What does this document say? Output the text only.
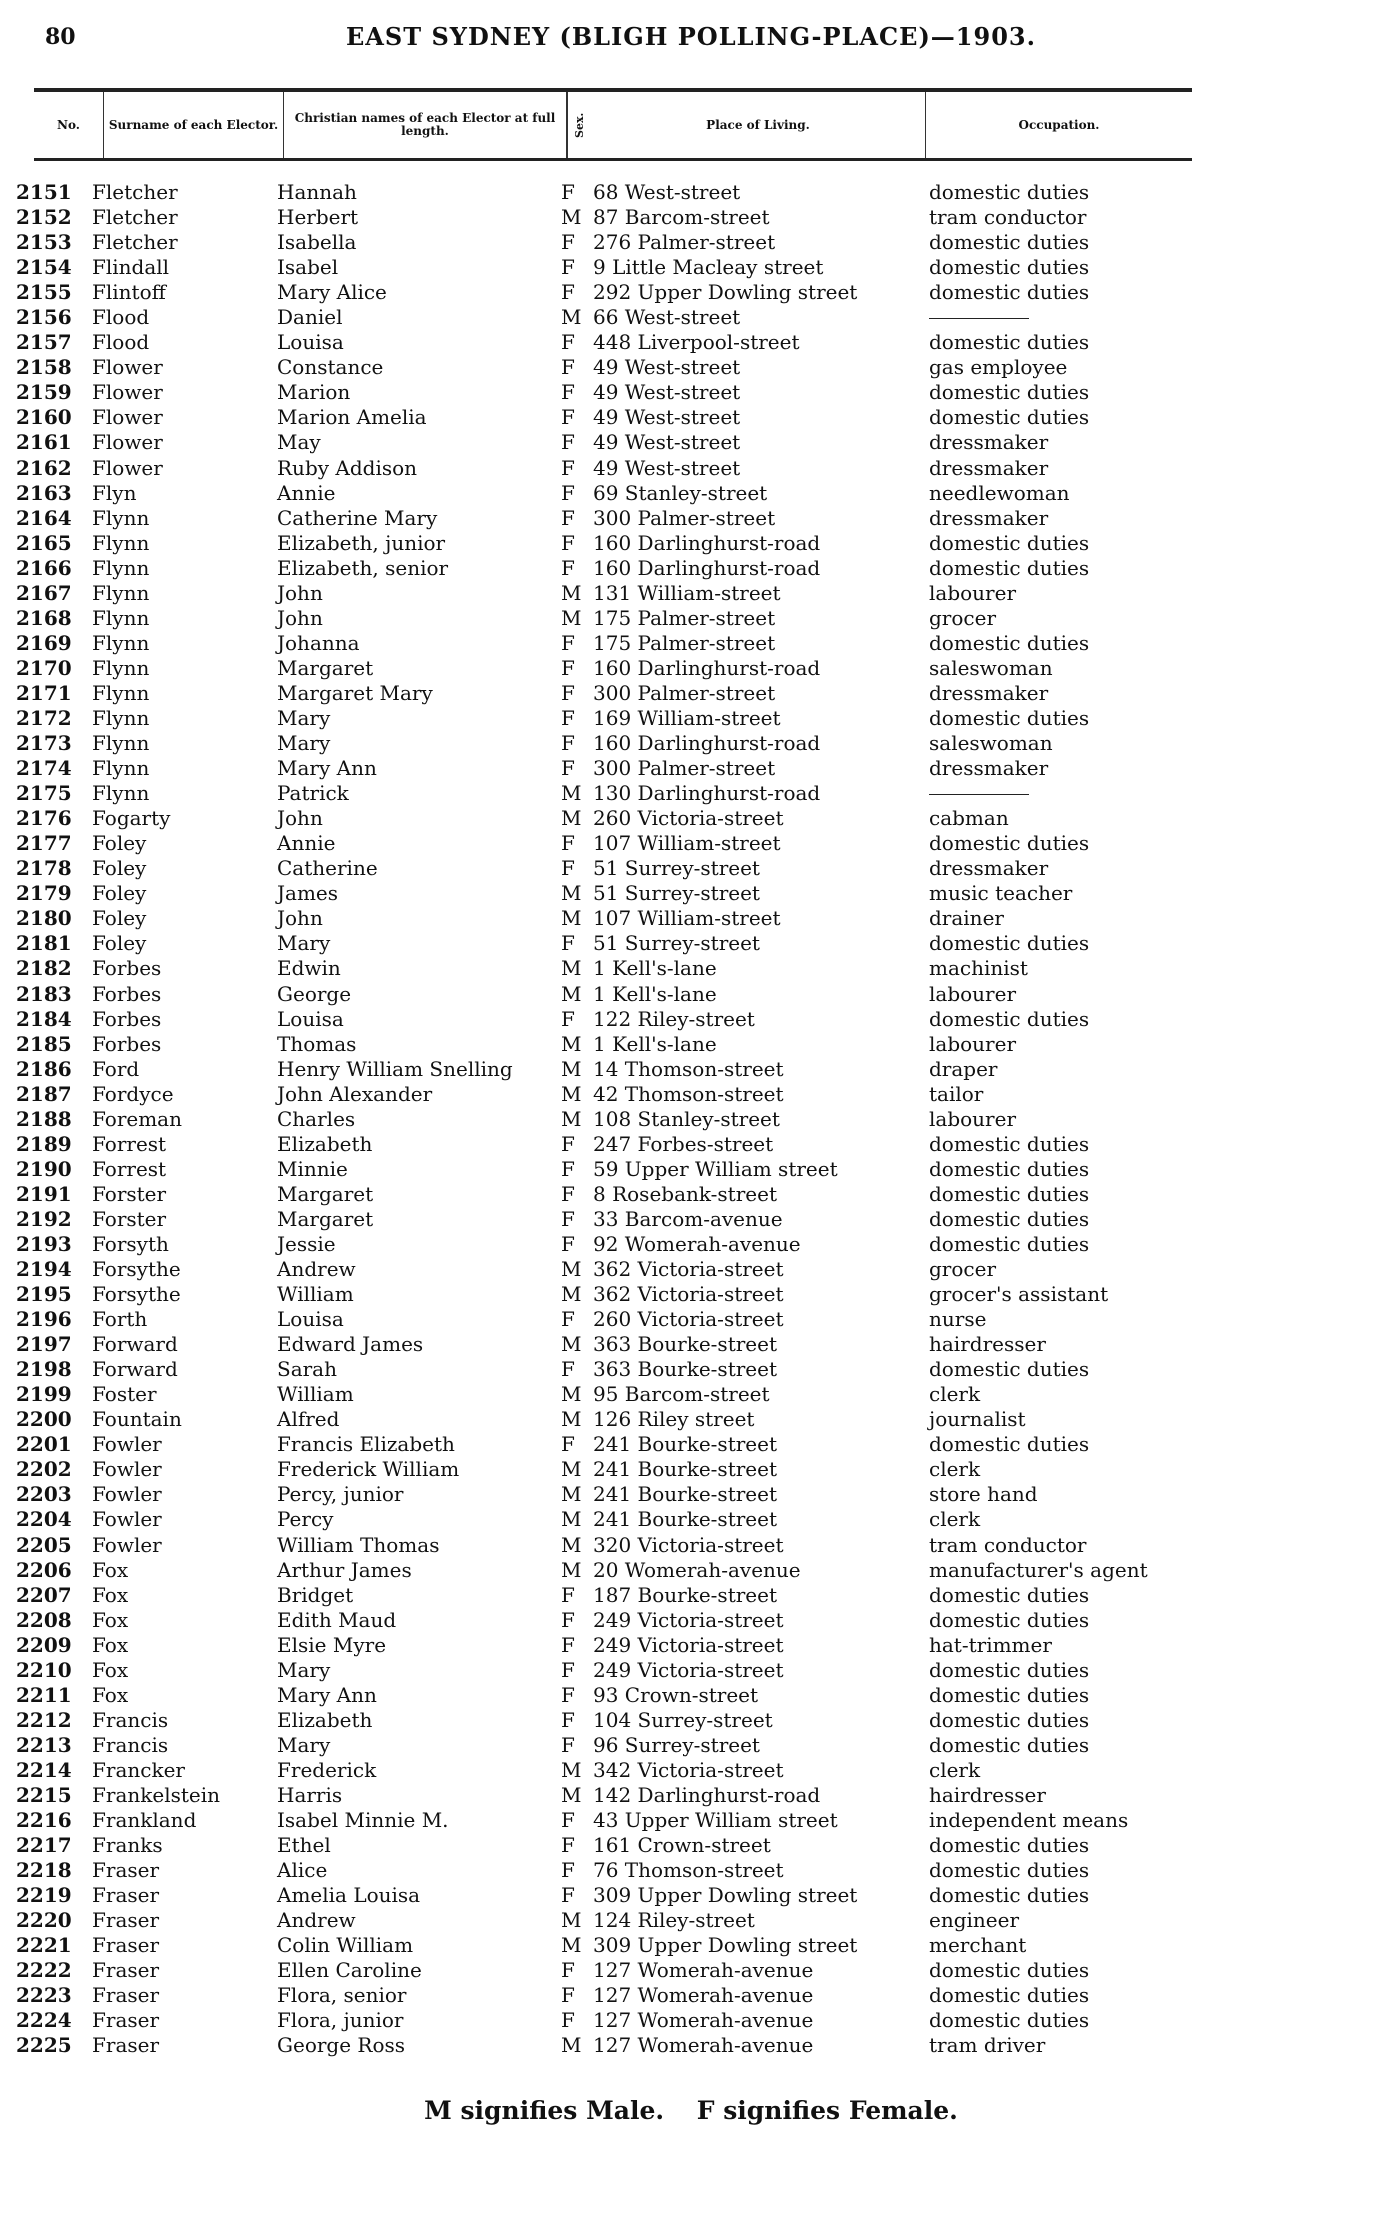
80	EAST SYDNEY (BLIGH POLLING-PLACE)—1903.
No.	Surname of each Elector.	Christian names of each Elector at full length.	Sex.	Place of Living.	Occupation.
2151 Fletcher	Hannah	F 68 West-street	domestic duties
2152 Fletcher	Herbert	M 87 Barcom-street	tram conductor
2153 Fletcher	Isabella	F 276 Palmer-street	domestic duties
2154 Flindall	Isabel	F 9 Little Macleay street	domestic duties
2155 Flintoff	Mary Alice	F 292 Upper Dowling street	domestic duties
2156 Flood	Daniel	M 66 West-street
2157 Flood	Louisa	F 448 Liverpool-street	domestic duties
2158 Flower	Constance	F 49 West-street	gas employee
2159 Flower	Marion	F 49 West-street	domestic duties
2160 Flower	Marion Amelia	F 49 West-street	domestic duties
2161 Flower	May	F 49 West-street	dressmaker
2162 Flower	Ruby Addison	F 49 West-street	dressmaker
2163 Flyn	Annie	F 69 Stanley-street	needlewoman
2164 Flynn	Catherine Mary	F 300 Palmer-street	dressmaker
2165 Flynn	Elizabeth, junior	F 160 Darlinghurst-road	domestic duties
2166 Flynn	Elizabeth, senior	F 160 Darlinghurst-road	domestic duties
2167 Flynn	John	M 131 William-street	labourer
2168 Flynn	John	M 175 Palmer-street	grocer
2169 Flynn	Johanna	F 175 Palmer-street	domestic duties
2170 Flynn	Margaret	F 160 Darlinghurst-road	saleswoman
2171 Flynn	Margaret Mary	F 300 Palmer-street	dressmaker
2172 Flynn	Mary	F 169 William-street	domestic duties
2173 Flynn	Mary	F 160 Darlinghurst-road	saleswoman
2174 Flynn	Mary Ann	F 300 Palmer-street	dressmaker
2175 Flynn	Patrick	M 130 Darlinghurst-road
2176 Fogarty	John	M 260 Victoria-street	cabman
2177 Foley	Annie	F 107 William-street	domestic duties
2178 Foley	Catherine	F 51 Surrey-street	dressmaker
2179 Foley	James	M 51 Surrey-street	music teacher
2180 Foley	John	M 107 William-street	drainer
2181 Foley	Mary	F 51 Surrey-street	domestic duties
2182 Forbes	Edwin	M 1 Kell's-lane	machinist
2183 Forbes	George	M 1 Kell's-lane	labourer
2184 Forbes	Louisa	F 122 Riley-street	domestic duties
2185 Forbes	Thomas	M 1 Kell's-lane	labourer
2186 Ford	Henry William Snelling M 14 Thomson-street	draper
2187 Fordyce	John Alexander	M 42 Thomson-street	tailor
2188 Foreman	Charles	M 108 Stanley-street	labourer
2189 Forrest	Elizabeth	F 247 Forbes-street	domestic duties
2190 Forrest	Minnie	F 59 Upper William street	domestic duties
2191 Forster	Margaret	F 8 Rosebank-street	domestic duties
2192 Forster	Margaret	F 33 Barcom-avenue	domestic duties
2193 Forsyth	Jessie	F 92 Womerah-avenue	domestic duties
2194 Forsythe	Andrew	M 362 Victoria-street	grocer
2195 Forsythe	William	M 362 Victoria-street	grocer's assistant
2196 Forth	Louisa	F 260 Victoria-street	nurse
2197 Forward	Edward James	M 363 Bourke-street	hairdresser
2198 Forward	Sarah	F 363 Bourke-street	domestic duties
2199 Foster	William	M 95 Barcom-street	clerk
2200 Fountain	Alfred	M 126 Riley street	journalist
2201 Fowler	Francis Elizabeth	F 241 Bourke-street	domestic duties
2202 Fowler	Frederick William	M 241 Bourke-street	clerk
2203 Fowler	Percy, junior	M 241 Bourke-street	store hand
2204 Fowler	Percy	M 241 Bourke-street	clerk
2205 Fowler	William Thomas	M 320 Victoria-street	tram conductor
2206 Fox	Arthur James	M 20 Womerah-avenue	manufacturer's agent
2207 Fox	Bridget	F 187 Bourke-street	domestic duties
2208 Fox	Edith Maud	F 249 Victoria-street	domestic duties
2209 Fox	Elsie Myre	F 249 Victoria-street	hat-trimmer
2210 Fox	Mary	F 249 Victoria-street	domestic duties
2211 Fox	Mary Ann	F 93 Crown-street	domestic duties
2212 Francis	Elizabeth	F 104 Surrey-street	domestic duties
2213 Francis	Mary	F 96 Surrey-street	domestic duties
2214 Francker	Frederick	M 342 Victoria-street	clerk
2215 Frankelstein	Harris	M 142 Darlinghurst-road	hairdresser
2216 Frankland	Isabel Minnie M.	F 43 Upper William street	independent means
2217 Franks	Ethel	F 161 Crown-street	domestic duties
2218 Fraser	Alice	F 76 Thomson-street	domestic duties
2219 Fraser	Amelia Louisa	F 309 Upper Dowling street	domestic duties
2220 Fraser	Andrew	M 124 Riley-street	engineer
2221 Fraser	Colin William	M 309 Upper Dowling street	merchant
2222 Fraser	Ellen Caroline	F 127 Womerah-avenue	domestic duties
2223 Fraser	Flora, senior	F 127 Womerah-avenue	domestic duties
2224 Fraser	Flora, junior	F 127 Womerah-avenue	domestic duties
2225 Fraser	George Ross	M 127 Womerah-avenue	tram driver
M signifies Male. F signifies Female.
